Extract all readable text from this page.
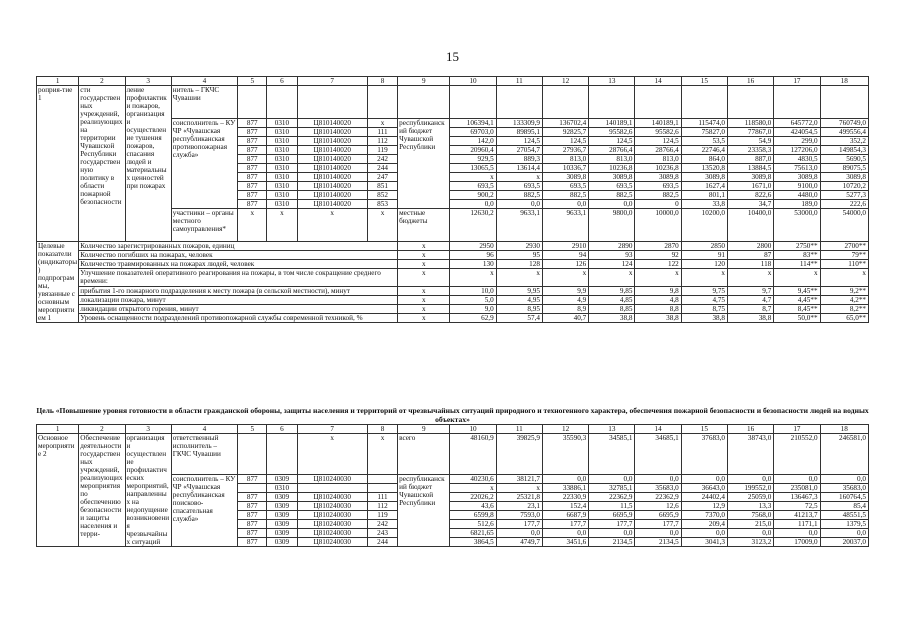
15
1	2	3	4	5	6	7	8	9	10	11	12	13	14	15	16	17	18
роприя-тие 1	сти государственных учреждений, реализующих на территории Чувашской Республики государственную политику в области пожарной безопасности	ление профилактики пожаров, организация и осуществление тушения пожаров, спасания людей и материальных ценностей при пожарах	нитель – ГКЧС Чувашии														
			соисполнитель – КУ ЧР «Чувашская республиканская противопожарная служба»	877	0310	Ц810140020	х	республиканский бюджет Чувашской Республики	106394,1	133309,9	136702,4	140189,1	140189,1	115474,0	118580,0	645772,0	760749,0
				877	0310	Ц810140020	111		69703,0	89895,1	92825,7	95582,6	95582,6	75827,0	77867,0	424054,5	499556,4
				877	0310	Ц810140020	112		142,0	124,5	124,5	124,5	124,5	53,5	54,9	299,0	352,2
				877	0310	Ц810140020	119		20960,4	27054,7	27936,7	28766,4	28766,4	22746,4	23358,3	127206,0	149854,3
				877	0310	Ц810140020	242		929,5	889,3	813,0	813,0	813,0	864,0	887,0	4830,5	5690,5
				877	0310	Ц810140020	244		13065,5	13614,4	10336,7	10236,8	10236,8	13520,8	13884,5	75613,0	89075,5
				877	0310	Ц810140020	247		х	х	3089,8	3089,8	3089,8	3089,8	3089,8	3089,8	3089,8
				877	0310	Ц810140020	851		693,5	693,5	693,5	693,5	693,5	1627,4	1671,0	9100,0	10720,2
				877	0310	Ц810140020	852		900,2	882,5	882,5	882,5	882,5	801,1	822,6	4480,0	5277,3
				877	0310	Ц810140020	853		0,0	0,0	0,0	0,0	0	33,8	34,7	189,0	222,6
			участники – органы местного самоуправления*	х	х	х	х	местные бюджеты	12630,2	9633,1	9633,1	9800,0	10000,0	10200,0	10400,0	53000,0	54000,0
Целевые показатели (индикаторы) подпрограммы, увязанные с основным мероприятием 1	Количество зарегистрированных пожаров, единиц							х	2950	2930	2910	2890	2870	2850	2800	2750**	2700**
	Количество погибших на пожарах, человек							х	96	95	94	93	92	91	87	83**	79**
	Количество травмированных на пожарах людей, человек							х	130	128	126	124	122	120	118	114**	110**
	Улучшение показателей оперативного реагирования на пожары, в том числе сокращение среднего времени:							х	х	х	х	х	х	х	х	х	х
	прибытия 1-го пожарного подразделения к месту пожара (в сельской местности), минут							х	10,0	9,95	9,9	9,85	9,8	9,75	9,7	9,45**	9,2**
	локализации пожара, минут							х	5,0	4,95	4,9	4,85	4,8	4,75	4,7	4,45**	4,2**
	ликвидации открытого горения, минут							х	9,0	8,95	8,9	8,85	8,8	8,75	8,7	8,45**	8,2**
	Уровень оснащенности подразделений противопожарной службы современной техникой, %							х	62,9	57,4	40,7	38,8	38,8	38,8	38,8	50,0**	65,0**
Цель «Повышение уровня готовности в области гражданской обороны, защиты населения и территорий от чрезвычайных ситуаций природного и техногенного характера, обеспечения пожарной безопасности и безопасности людей на водных объектах»
1	2	3	4	5	6	7	8	9	10	11	12	13	14	15	16	17	18
Основное мероприятие 2	Обеспечение деятельности государственных учреждений, реализующих мероприятия по обеспечению безопасности и защиты населения и терри-	организация и осуществление профилактических мероприятий, направленных на недопущение возникновения чрезвычайных ситуаций	ответственный исполнитель – ГКЧС Чувашии			х	х	всего	48160,9	39825,9	35590,3	34585,1	34685,1	37683,0	38743,0	210552,0	246581,0
			соисполнитель – КУ ЧР «Чувашская республиканская поисково-спасательная служба»	877	0309	Ц810240030		республиканский бюджет Чувашской Республики	40230,6	38121,7	0,0	0,0	0,0	0,0	0,0	0,0	0,0
					0310				х	х	33886,1	32785,1	35683,0	36643,0	199552,0	235081,0	35683,0
				877	0309	Ц810240030	111		22026,2	25321,8	22330,9	22362,9	22362,9	24402,4	25059,0	136467,3	160764,5
				877	0309	Ц810240030	112		43,6	23,1	152,4	11,5	12,6	12,9	13,3	72,5	85,4
				877	0309	Ц810240030	119		6599,8	7593,0	6687,9	6695,9	6695,9	7370,0	7568,0	41213,7	48551,5
				877	0309	Ц810240030	242		512,6	177,7	177,7	177,7	177,7	209,4	215,0	1171,1	1379,5
				877	0309	Ц810240030	243		6821,65	0,0	0,0	0,0	0,0	0,0	0,0	0,0	0,0
				877	0309	Ц810240030	244		3864,5	4749,7	3451,6	2134,5	2134,5	3041,3	3123,2	17009,0	20037,0
